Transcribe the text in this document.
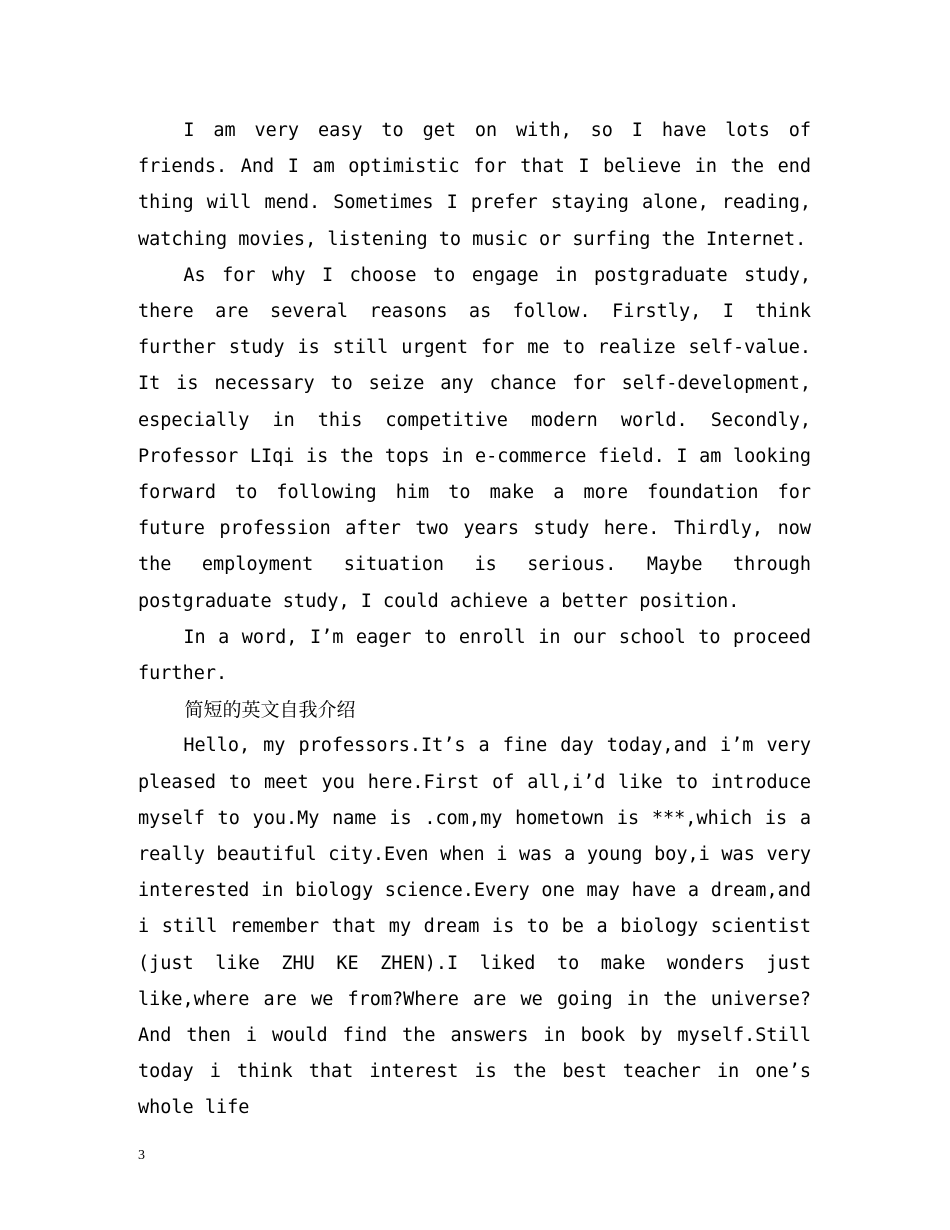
I am very easy to get on with, so I have lots of friends. And I am optimistic for that I believe in the end thing will mend. Sometimes I prefer staying alone, reading, watching movies, listening to music or surfing the Internet.

As for why I choose to engage in postgraduate study, there are several reasons as follow. Firstly, I think further study is still urgent for me to realize self-value. It is necessary to seize any chance for self-development, especially in this competitive modern world. Secondly, Professor LIqi is the tops in e-commerce field. I am looking forward to following him to make a more foundation for future profession after two years study here. Thirdly, now the employment situation is serious. Maybe through postgraduate study, I could achieve a better position.

In a word, I’m eager to enroll in our school to proceed further.

简短的英文自我介绍

Hello, my professors.It’s a fine day today,and i’m very pleased to meet you here.First of all,i’d like to introduce myself to you.My name is .com,my hometown is ***,which is a really beautiful city.Even when i was a young boy,i was very interested in biology science.Every one may have a dream,and i still remember that my dream is to be a biology scientist (just like ZHU KE ZHEN).I liked to make wonders just like,where are we from?Where are we going in the universe?And then i would find the answers in book by myself.Still today i think that interest is the best teacher in one’s whole life

3
